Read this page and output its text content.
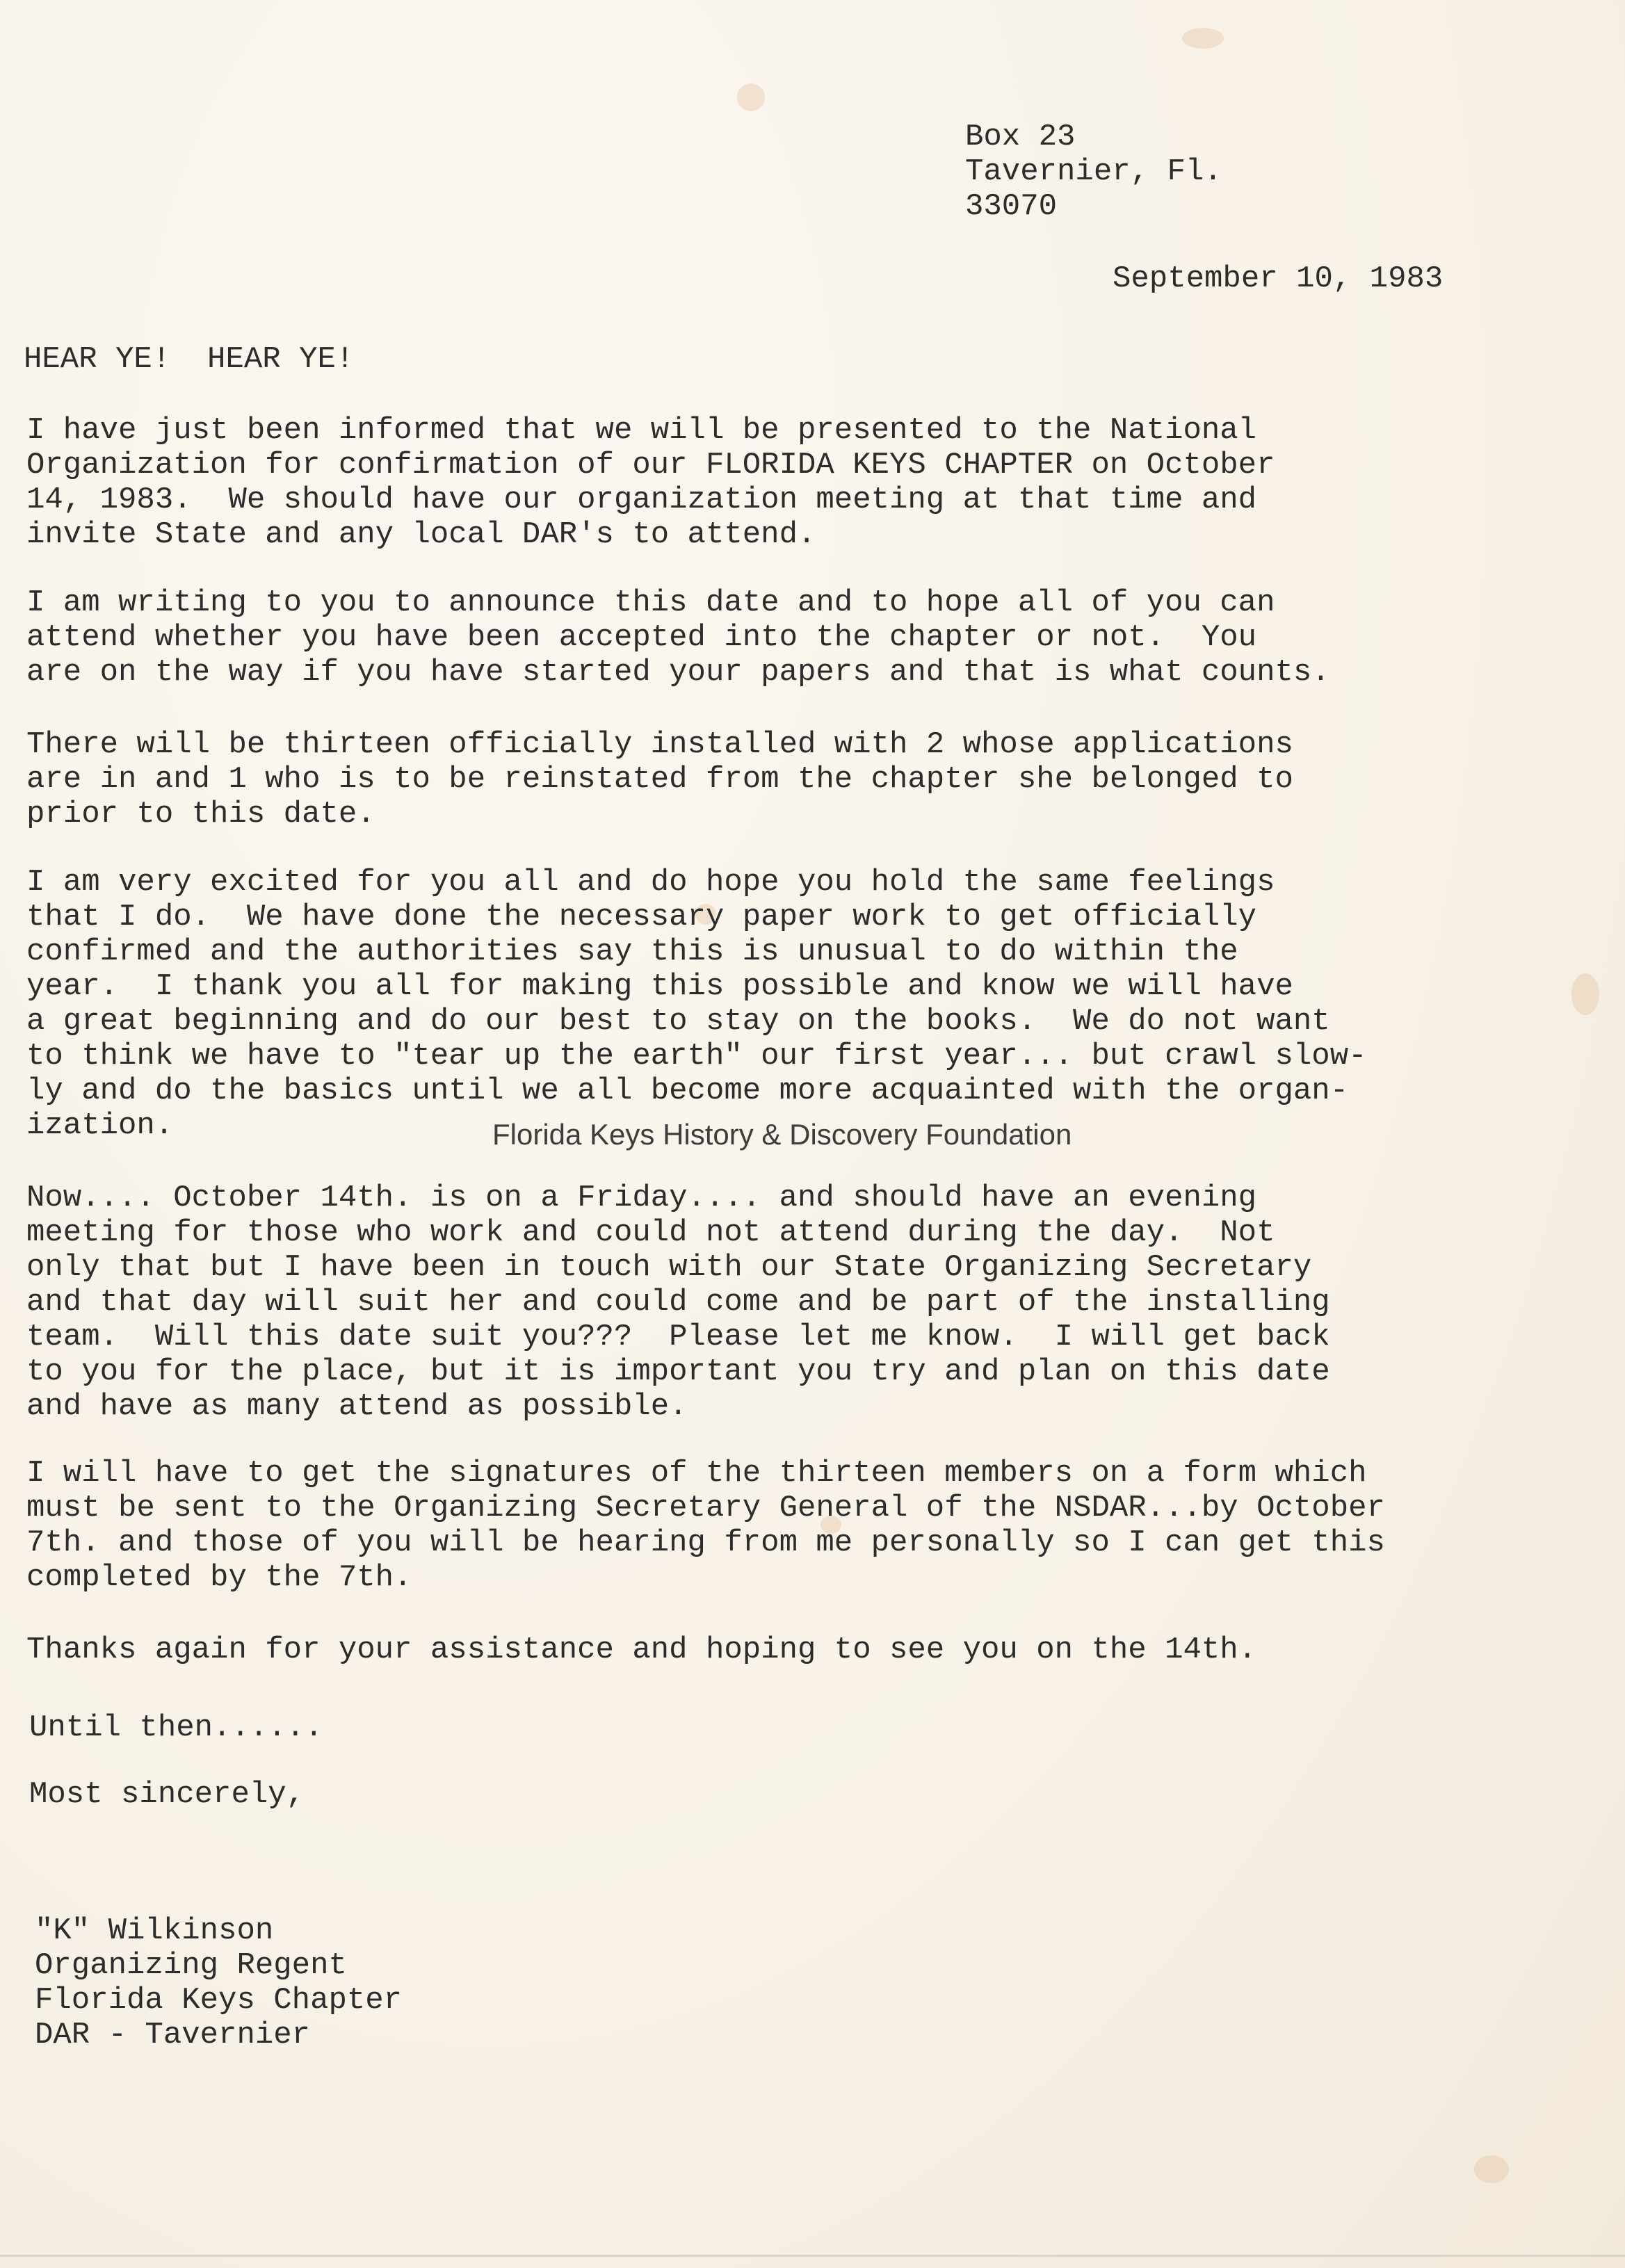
Box 23
Tavernier, Fl.
33070
September 10, 1983
HEAR YE!  HEAR YE!
I have just been informed that we will be presented to the National
Organization for confirmation of our FLORIDA KEYS CHAPTER on October
14, 1983.  We should have our organization meeting at that time and
invite State and any local DAR's to attend.
I am writing to you to announce this date and to hope all of you can
attend whether you have been accepted into the chapter or not.  You
are on the way if you have started your papers and that is what counts.
There will be thirteen officially installed with 2 whose applications
are in and 1 who is to be reinstated from the chapter she belonged to
prior to this date.
I am very excited for you all and do hope you hold the same feelings
that I do.  We have done the necessary paper work to get officially
confirmed and the authorities say this is unusual to do within the
year.  I thank you all for making this possible and know we will have
a great beginning and do our best to stay on the books.  We do not want
to think we have to "tear up the earth" our first year... but crawl slow-
ly and do the basics until we all become more acquainted with the organ-
ization.	Florida Keys History & Discovery Foundation
Now.... October 14th. is on a Friday.... and should have an evening
meeting for those who work and could not attend during the day.  Not
only that but I have been in touch with our State Organizing Secretary
and that day will suit her and could come and be part of the installing
team.  Will this date suit you???  Please let me know.  I will get back
to you for the place, but it is important you try and plan on this date
and have as many attend as possible.
I will have to get the signatures of the thirteen members on a form which
must be sent to the Organizing Secretary General of the NSDAR...by October
7th. and those of you will be hearing from me personally so I can get this
completed by the 7th.
Thanks again for your assistance and hoping to see you on the 14th.
Until then......
Most sincerely,
"K" Wilkinson
Organizing Regent
Florida Keys Chapter
DAR - Tavernier
